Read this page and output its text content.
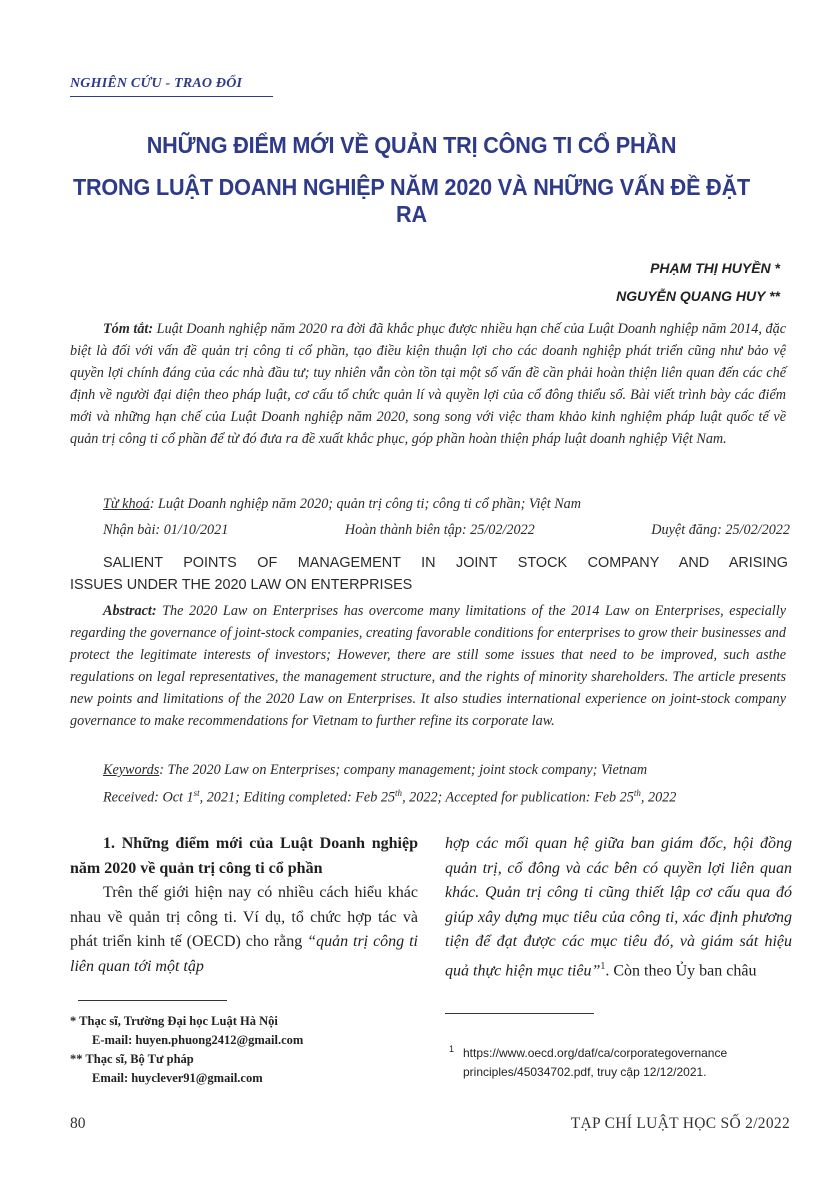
NGHIÊN CỨU - TRAO ĐỔI
NHỮNG ĐIỂM MỚI VỀ QUẢN TRỊ CÔNG TI CỔ PHẦN
TRONG LUẬT DOANH NGHIỆP NĂM 2020 VÀ NHỮNG VẤN ĐỀ ĐẶT RA
PHẠM THỊ HUYỀN *
NGUYỄN QUANG HUY **

Tóm tắt: Luật Doanh nghiệp năm 2020 ra đời đã khắc phục được nhiều hạn chế của Luật Doanh nghiệp năm 2014, đặc biệt là đối với vấn đề quản trị công ti cổ phần, tạo điều kiện thuận lợi cho các doanh nghiệp phát triển cũng như bảo vệ quyền lợi chính đáng của các nhà đầu tư; tuy nhiên vẫn còn tồn tại một số vấn đề cần phải hoàn thiện liên quan đến các chế định về người đại diện theo pháp luật, cơ cấu tổ chức quản lí và quyền lợi của cổ đông thiểu số. Bài viết trình bày các điểm mới và những hạn chế của Luật Doanh nghiệp năm 2020, song song với việc tham khảo kinh nghiệm pháp luật quốc tế về quản trị công ti cổ phần để từ đó đưa ra đề xuất khắc phục, góp phần hoàn thiện pháp luật doanh nghiệp Việt Nam.

Từ khoá: Luật Doanh nghiệp năm 2020; quản trị công ti; công ti cổ phần; Việt Nam
Nhận bài: 01/10/2021	Hoàn thành biên tập: 25/02/2022	Duyệt đăng: 25/02/2022
SALIENT POINTS OF MANAGEMENT IN JOINT STOCK COMPANY AND ARISING
ISSUES UNDER THE 2020 LAW ON ENTERPRISES

Abstract: The 2020 Law on Enterprises has overcome many limitations of the 2014 Law on Enterprises, especially regarding the governance of joint-stock companies, creating favorable conditions for enterprises to grow their businesses and protect the legitimate interests of investors; However, there are still some issues that need to be improved, such asthe regulations on legal representatives, the management structure, and the rights of minority shareholders. The article presents new points and limitations of the 2020 Law on Enterprises. It also studies international experience on joint-stock company governance to make recommendations for Vietnam to further refine its corporate law.

Keywords: The 2020 Law on Enterprises; company management; joint stock company; Vietnam
Received: Oct 1st, 2021; Editing completed: Feb 25th, 2022; Accepted for publication: Feb 25th, 2022

1. Những điểm mới của Luật Doanh nghiệp năm 2020 về quản trị công ti cổ phần

Trên thế giới hiện nay có nhiều cách hiểu khác nhau về quản trị công ti. Ví dụ, tổ chức hợp tác và phát triển kinh tế (OECD) cho rằng “quản trị công ti liên quan tới một tập

hợp các mối quan hệ giữa ban giám đốc, hội đồng quản trị, cổ đông và các bên có quyền lợi liên quan khác. Quản trị công ti cũng thiết lập cơ cấu qua đó giúp xây dựng mục tiêu của công ti, xác định phương tiện để đạt được các mục tiêu đó, và giám sát hiệu quả thực hiện mục tiêu”$^1$. Còn theo Ủy ban châu

* Thạc sĩ, Trường Đại học Luật Hà Nội
E-mail: huyen.phuong2412@gmail.com
** Thạc sĩ, Bộ Tư pháp
Email: huyclever91@gmail.com
1 https://www.oecd.org/daf/ca/corporategovernance
principles/45034702.pdf, truy cập 12/12/2021.
80	TẠP CHÍ LUẬT HỌC SỐ 2/2022
